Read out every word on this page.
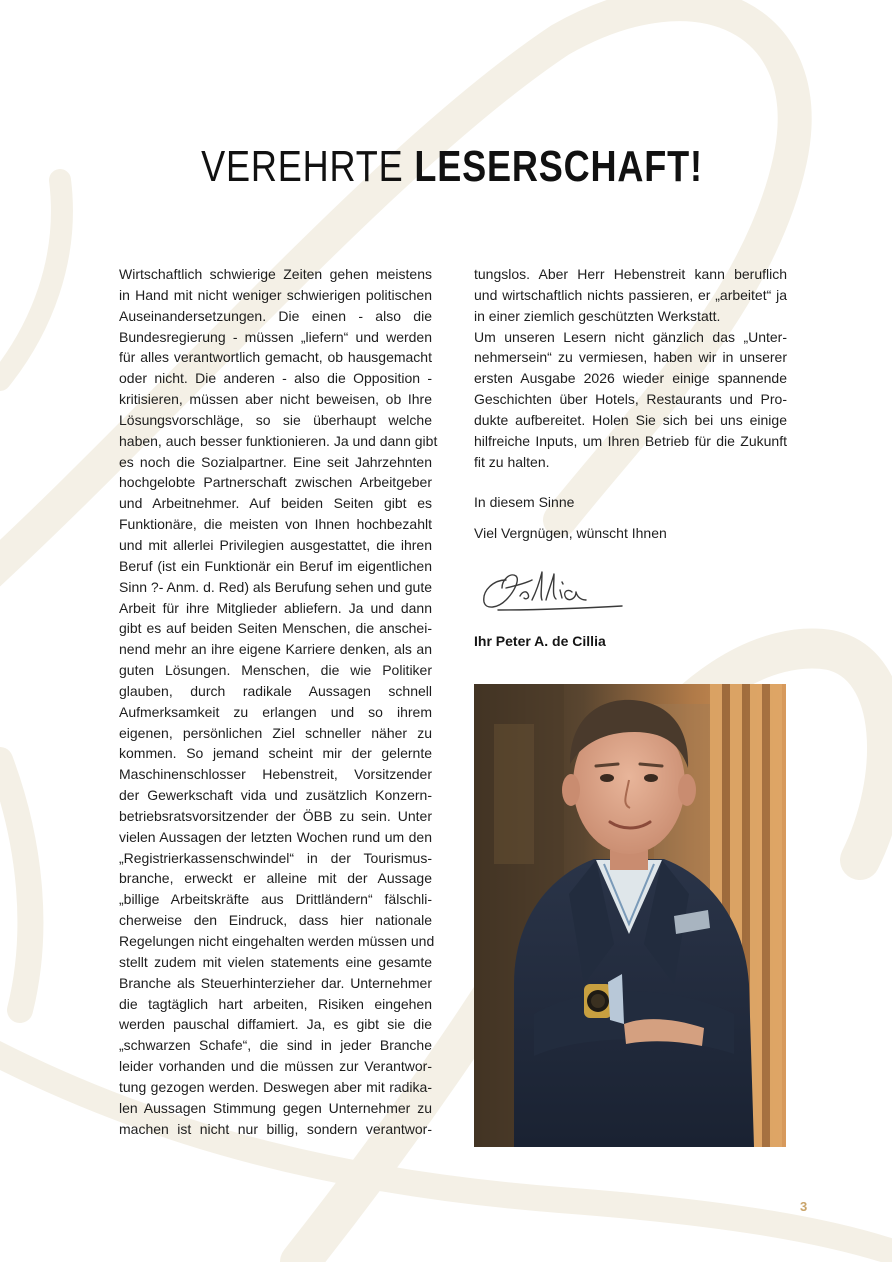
VEREHRTE LESERSCHAFT!
Wirtschaftlich schwierige Zeiten gehen meistens
in Hand mit nicht weniger schwierigen politischen
Auseinandersetzungen. Die einen - also die
Bundesregierung - müssen „liefern“ und werden
für alles verantwortlich gemacht, ob hausgemacht
oder nicht. Die anderen - also die Opposition -
kritisieren, müssen aber nicht beweisen, ob Ihre
Lösungsvorschläge, so sie überhaupt welche
haben, auch besser funktionieren. Ja und dann gibt
es noch die Sozialpartner. Eine seit Jahrzehnten
hochgelobte Partnerschaft zwischen Arbeitgeber
und Arbeitnehmer. Auf beiden Seiten gibt es
Funktionäre, die meisten von Ihnen hochbezahlt
und mit allerlei Privilegien ausgestattet, die ihren
Beruf (ist ein Funktionär ein Beruf im eigentlichen
Sinn ?- Anm. d. Red) als Berufung sehen und gute
Arbeit für ihre Mitglieder abliefern. Ja und dann
gibt es auf beiden Seiten Menschen, die anschei-
nend mehr an ihre eigene Karriere denken, als an
guten Lösungen. Menschen, die wie Politiker
glauben, durch radikale Aussagen schnell
Aufmerksamkeit zu erlangen und so ihrem
eigenen, persönlichen Ziel schneller näher zu
kommen. So jemand scheint mir der gelernte
Maschinenschlosser Hebenstreit, Vorsitzender
der Gewerkschaft vida und zusätzlich Konzern-
betriebsratsvorsitzender der ÖBB zu sein. Unter
vielen Aussagen der letzten Wochen rund um den
„Registrierkassenschwindel“ in der Tourismus-
branche, erweckt er alleine mit der Aussage
„billige Arbeitskräfte aus Drittländern“ fälschli-
cherweise den Eindruck, dass hier nationale
Regelungen nicht eingehalten werden müssen und
stellt zudem mit vielen statements eine gesamte
Branche als Steuerhinterzieher dar. Unternehmer
die tagtäglich hart arbeiten, Risiken eingehen
werden pauschal diffamiert. Ja, es gibt sie die
„schwarzen Schafe“, die sind in jeder Branche
leider vorhanden und die müssen zur Verantwor-
tung gezogen werden. Deswegen aber mit radika-
len Aussagen Stimmung gegen Unternehmer zu
machen ist nicht nur billig, sondern verantwor-
tungslos. Aber Herr Hebenstreit kann beruflich
und wirtschaftlich nichts passieren, er „arbeitet“ ja
in einer ziemlich geschützten Werkstatt.
Um unseren Lesern nicht gänzlich das „Unter-
nehmersein“ zu vermiesen, haben wir in unserer
ersten Ausgabe 2026 wieder einige spannende
Geschichten über Hotels, Restaurants und Pro-
dukte aufbereitet. Holen Sie sich bei uns einige
hilfreiche Inputs, um Ihren Betrieb für die Zukunft
fit zu halten.
In diesem Sinne
Viel Vergnügen, wünscht Ihnen
Ihr Peter A. de Cillia
3
